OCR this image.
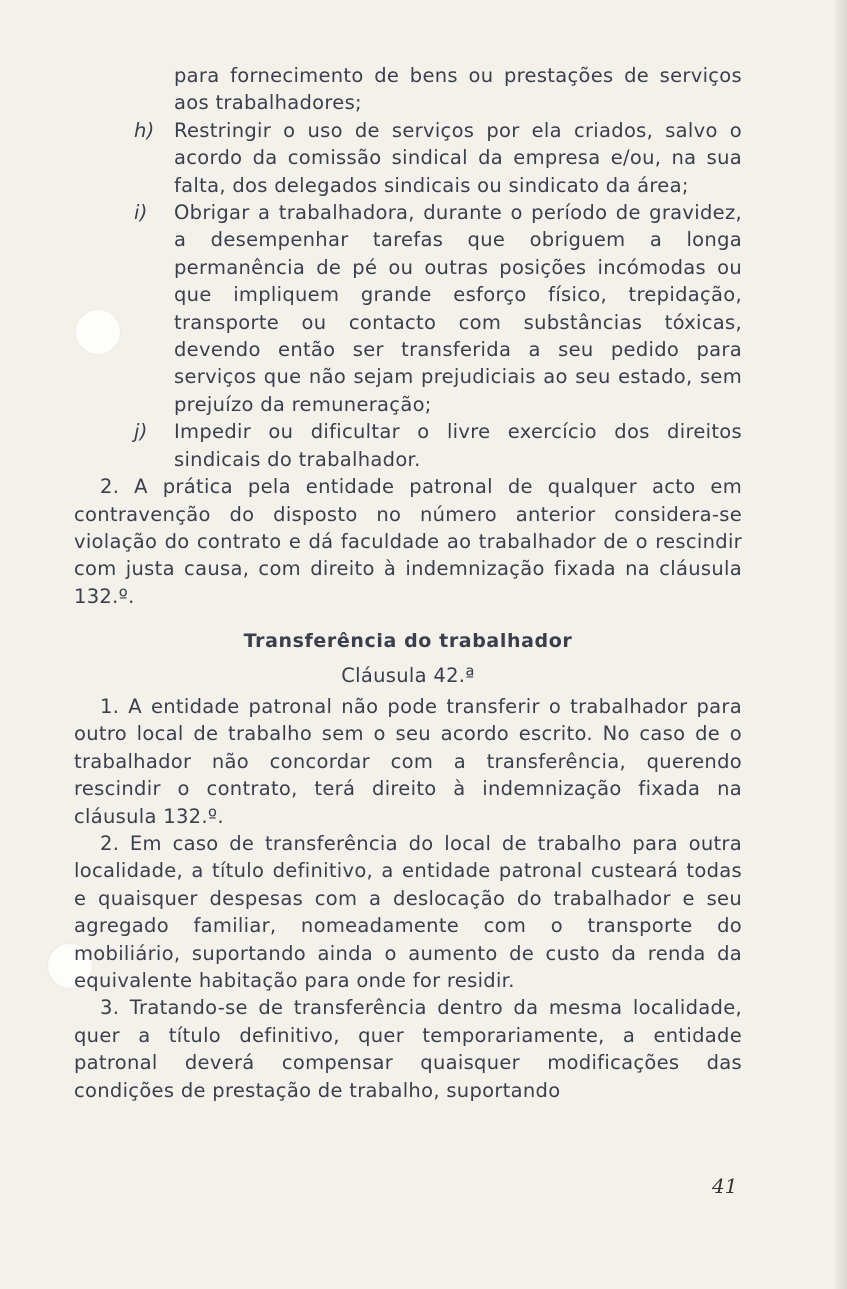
para fornecimento de bens ou prestações de serviços aos trabalhadores;

h) Restringir o uso de serviços por ela criados, salvo o acordo da comissão sindical da empresa e/ou, na sua falta, dos delegados sindicais ou sindicato da área;

i) Obrigar a trabalhadora, durante o período de gravidez, a desempenhar tarefas que obriguem a longa permanência de pé ou outras posições incómodas ou que impliquem grande esforço físico, trepidação, transporte ou contacto com substâncias tóxicas, devendo então ser transferida a seu pedido para serviços que não sejam prejudiciais ao seu estado, sem prejuízo da remuneração;

j) Impedir ou dificultar o livre exercício dos direitos sindicais do trabalhador.

2. A prática pela entidade patronal de qualquer acto em contravenção do disposto no número anterior considera-se violação do contrato e dá faculdade ao trabalhador de o rescindir com justa causa, com direito à indemnização fixada na cláusula 132.º.

Transferência do trabalhador
Cláusula 42.ª

1. A entidade patronal não pode transferir o trabalhador para outro local de trabalho sem o seu acordo escrito. No caso de o trabalhador não concordar com a transferência, querendo rescindir o contrato, terá direito à indemnização fixada na cláusula 132.º.

2. Em caso de transferência do local de trabalho para outra localidade, a título definitivo, a entidade patronal custeará todas e quaisquer despesas com a deslocação do trabalhador e seu agregado familiar, nomeadamente com o transporte do mobiliário, suportando ainda o aumento de custo da renda da equivalente habitação para onde for residir.

3. Tratando-se de transferência dentro da mesma localidade, quer a título definitivo, quer temporariamente, a entidade patronal deverá compensar quaisquer modificações das condições de prestação de trabalho, suportando

41
